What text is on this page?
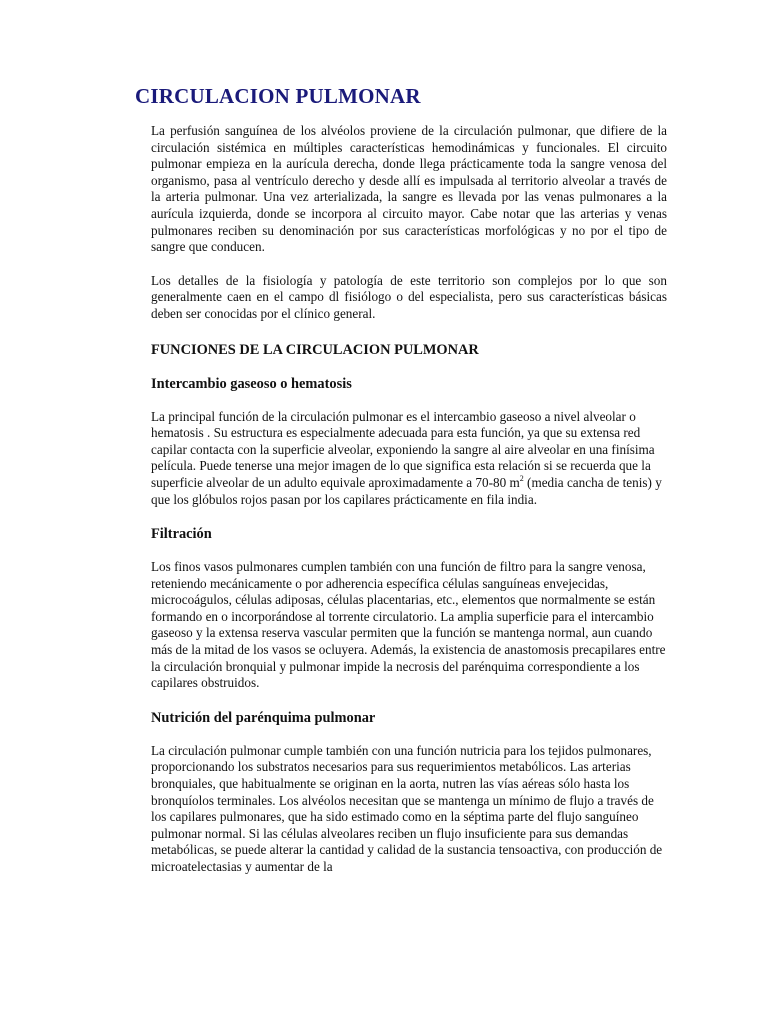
CIRCULACION PULMONAR

La perfusión sanguínea de los alvéolos proviene de la circulación pulmonar, que difiere de la circulación sistémica en múltiples características hemodinámicas y funcionales. El circuito pulmonar empieza en la aurícula derecha, donde llega prácticamente toda la sangre venosa del organismo, pasa al ventrículo derecho y desde allí es impulsada al territorio alveolar a través de la arteria pulmonar. Una vez arterializada, la sangre es llevada por las venas pulmonares a la aurícula izquierda, donde se incorpora al circuito mayor. Cabe notar que las arterias y venas pulmonares reciben su denominación por sus características morfológicas y no por el tipo de sangre que conducen.

Los detalles de la fisiología y patología de este territorio son complejos por lo que son generalmente caen en el campo dl fisiólogo o del especialista, pero sus características básicas deben ser conocidas por el clínico general.

FUNCIONES DE LA CIRCULACION PULMONAR
Intercambio gaseoso o hematosis

La principal función de la circulación pulmonar es el intercambio gaseoso a nivel alveolar o hematosis . Su estructura es especialmente adecuada para esta función, ya que su extensa red capilar contacta con la superficie alveolar, exponiendo la sangre al aire alveolar en una finísima película. Puede tenerse una mejor imagen de lo que significa esta relación si se recuerda que la superficie alveolar de un adulto equivale aproximadamente a 70-80 $m^2$ (media cancha de tenis) y que los glóbulos rojos pasan por los capilares prácticamente en fila india.

Filtración

Los finos vasos pulmonares cumplen también con una función de filtro para la sangre venosa, reteniendo mecánicamente o por adherencia específica células sanguíneas envejecidas, microcoágulos, células adiposas, células placentarias, etc., elementos que normalmente se están formando en o incorporándose al torrente circulatorio. La amplia superficie para el intercambio gaseoso y la extensa reserva vascular permiten que la función se mantenga normal, aun cuando más de la mitad de los vasos se ocluyera. Además, la existencia de anastomosis precapilares entre la circulación bronquial y pulmonar impide la necrosis del parénquima correspondiente a los capilares obstruidos.

Nutrición del parénquima pulmonar

La circulación pulmonar cumple también con una función nutricia para los tejidos pulmonares, proporcionando los substratos necesarios para sus requerimientos metabólicos. Las arterias bronquiales, que habitualmente se originan en la aorta, nutren las vías aéreas sólo hasta los bronquíolos terminales. Los alvéolos necesitan que se mantenga un mínimo de flujo a través de los capilares pulmonares, que ha sido estimado como en la séptima parte del flujo sanguíneo pulmonar normal. Si las células alveolares reciben un flujo insuficiente para sus demandas metabólicas, se puede alterar la cantidad y calidad de la sustancia tensoactiva, con producción de microatelectasias y aumentar de la
